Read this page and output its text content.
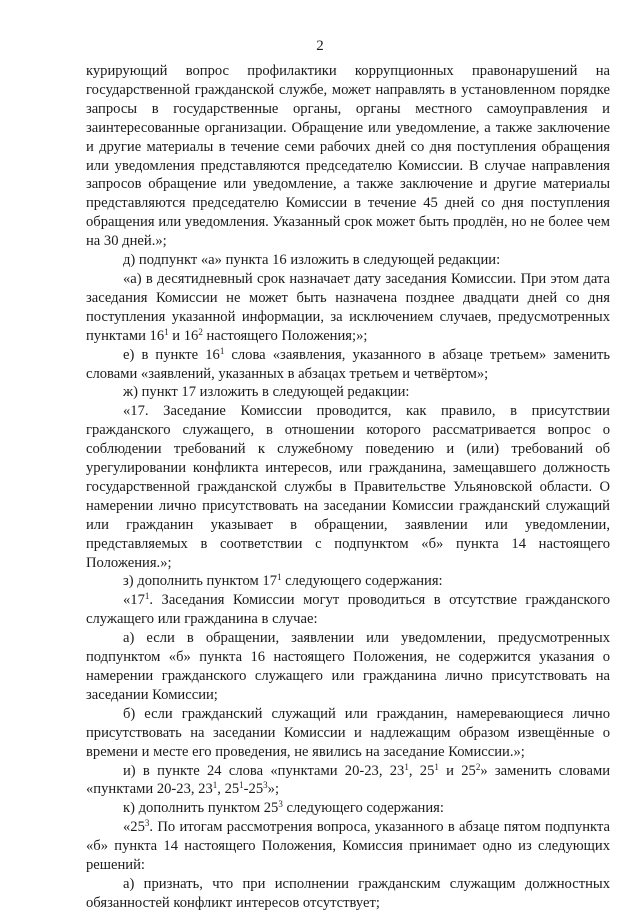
2

курирующий вопрос профилактики коррупционных правонарушений на государственной гражданской службе, может направлять в установленном порядке запросы в государственные органы, органы местного самоуправления и заинтересованные организации. Обращение или уведомление, а также заключение и другие материалы в течение семи рабочих дней со дня поступления обращения или уведомления представляются председателю Комиссии. В случае направления запросов обращение или уведомление, а также заключение и другие материалы представляются председателю Комиссии в течение 45 дней со дня поступления обращения или уведомления. Указанный срок может быть продлён, но не более чем на 30 дней.»;

д) подпункт «а» пункта 16 изложить в следующей редакции:

«а) в десятидневный срок назначает дату заседания Комиссии. При этом дата заседания Комиссии не может быть назначена позднее двадцати дней со дня поступления указанной информации, за исключением случаев, предусмотренных пунктами $16^1$ и $16^2$ настоящего Положения;»;

е) в пункте $16^1$ слова «заявления, указанного в абзаце третьем» заменить словами «заявлений, указанных в абзацах третьем и четвёртом»;

ж) пункт 17 изложить в следующей редакции:

«17. Заседание Комиссии проводится, как правило, в присутствии гражданского служащего, в отношении которого рассматривается вопрос о соблюдении требований к служебному поведению и (или) требований об урегулировании конфликта интересов, или гражданина, замещавшего должность государственной гражданской службы в Правительстве Ульяновской области. О намерении лично присутствовать на заседании Комиссии гражданский служащий или гражданин указывает в обращении, заявлении или уведомлении, представляемых в соответствии с подпунктом «б» пункта 14 настоящего Положения.»;

з) дополнить пунктом $17^1$ следующего содержания:

«$17^1$. Заседания Комиссии могут проводиться в отсутствие гражданского служащего или гражданина в случае:

а) если в обращении, заявлении или уведомлении, предусмотренных подпунктом «б» пункта 16 настоящего Положения, не содержится указания о намерении гражданского служащего или гражданина лично присутствовать на заседании Комиссии;

б) если гражданский служащий или гражданин, намеревающиеся лично присутствовать на заседании Комиссии и надлежащим образом извещённые о времени и месте его проведения, не явились на заседание Комиссии.»;

и) в пункте 24 слова «пунктами 20-23, $23^1$, $25^1$ и $25^2$» заменить словами «пунктами 20-23, $23^1$, $25^1-25^3$»;

к) дополнить пунктом $25^3$ следующего содержания:

«$25^3$. По итогам рассмотрения вопроса, указанного в абзаце пятом подпункта «б» пункта 14 настоящего Положения, Комиссия принимает одно из следующих решений:

а) признать, что при исполнении гражданским служащим должностных обязанностей конфликт интересов отсутствует;
